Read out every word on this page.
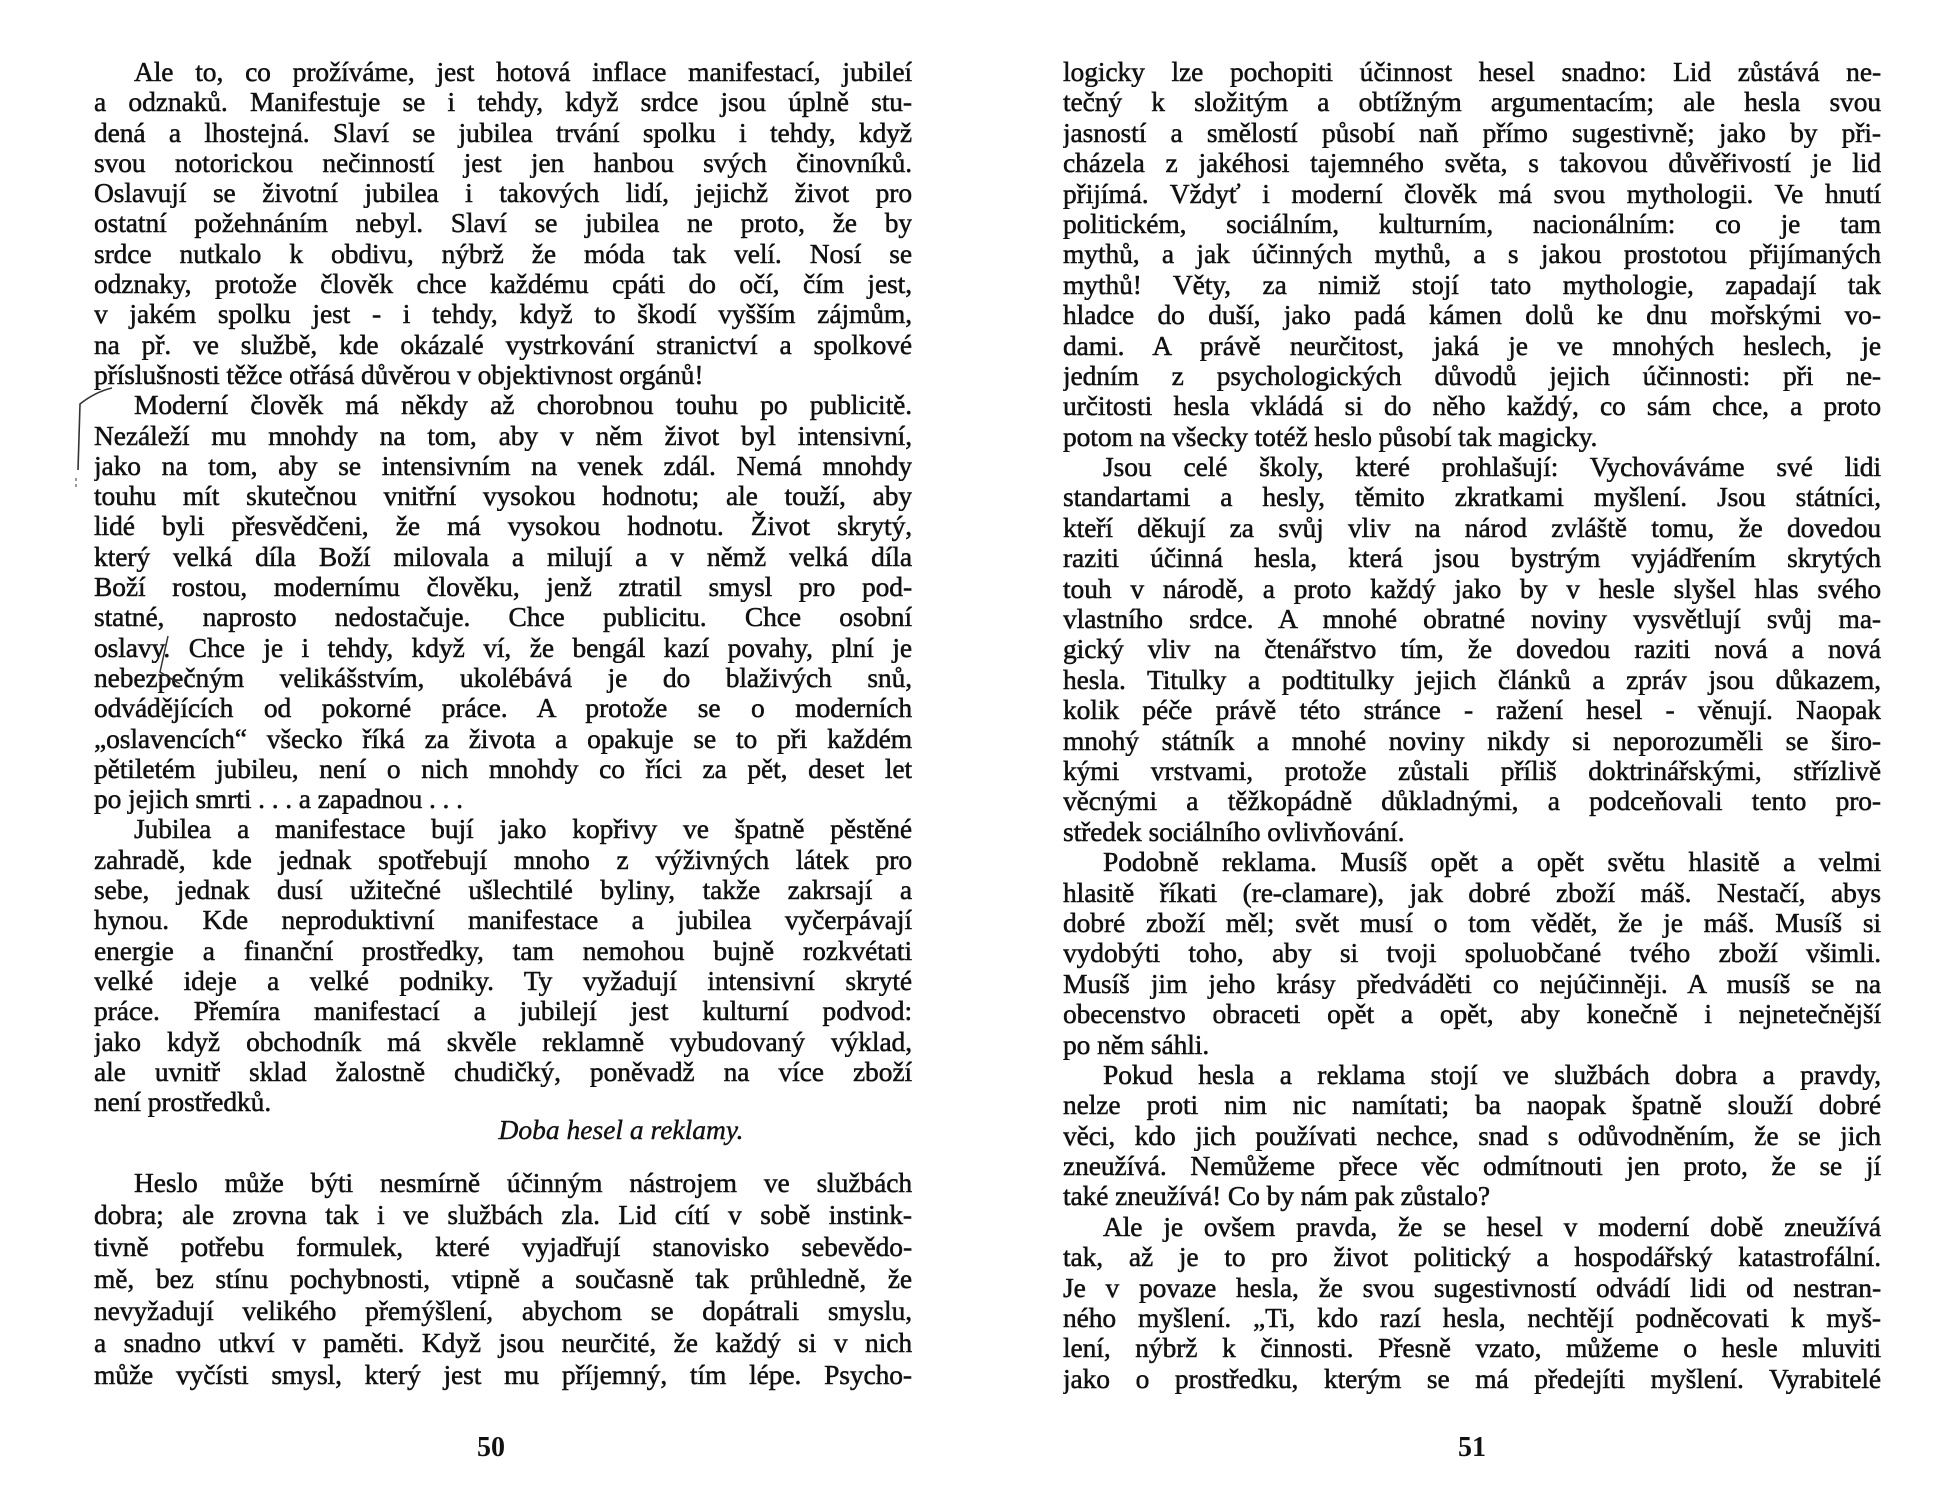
Ale to, co prožíváme, jest hotová inflace manifestací, jubileí
a odznaků. Manifestuje se i tehdy, když srdce jsou úplně stu-
dená a lhostejná. Slaví se jubilea trvání spolku i tehdy, když
svou notorickou nečinností jest jen hanbou svých činovníků.
Oslavují se životní jubilea i takových lidí, jejichž život pro
ostatní požehnáním nebyl. Slaví se jubilea ne proto, že by
srdce nutkalo k obdivu, nýbrž že móda tak velí. Nosí se
odznaky, protože člověk chce každému cpáti do očí, čím jest,
v jakém spolku jest - i tehdy, když to škodí vyšším zájmům,
na př. ve službě, kde okázalé vystrkování stranictví a spolkové
příslušnosti těžce otřásá důvěrou v objektivnost orgánů!
Moderní člověk má někdy až chorobnou touhu po publicitě.
Nezáleží mu mnohdy na tom, aby v něm život byl intensivní,
jako na tom, aby se intensivním na venek zdál. Nemá mnohdy
touhu mít skutečnou vnitřní vysokou hodnotu; ale touží, aby
lidé byli přesvědčeni, že má vysokou hodnotu. Život skrytý,
který velká díla Boží milovala a milují a v němž velká díla
Boží rostou, modernímu člověku, jenž ztratil smysl pro pod-
statné, naprosto nedostačuje. Chce publicitu. Chce osobní
oslavy. Chce je i tehdy, když ví, že bengál kazí povahy, plní je
nebezpečným velikášstvím, ukolébává je do blaživých snů,
odvádějících od pokorné práce. A protože se o moderních
„oslavencích“ všecko říká za života a opakuje se to při každém
pětiletém jubileu, není o nich mnohdy co říci za pět, deset let
po jejich smrti . . . a zapadnou . . .
Jubilea a manifestace bují jako kopřivy ve špatně pěstěné
zahradě, kde jednak spotřebují mnoho z výživných látek pro
sebe, jednak dusí užitečné ušlechtilé byliny, takže zakrsají a
hynou. Kde neproduktivní manifestace a jubilea vyčerpávají
energie a finanční prostředky, tam nemohou bujně rozkvétati
velké ideje a velké podniky. Ty vyžadují intensivní skryté
práce. Přemíra manifestací a jubilejí jest kulturní podvod:
jako když obchodník má skvěle reklamně vybudovaný výklad,
ale uvnitř sklad žalostně chudičký, poněvadž na více zboží
není prostředků.
Doba hesel a reklamy.
Heslo může býti nesmírně účinným nástrojem ve službách
dobra; ale zrovna tak i ve službách zla. Lid cítí v sobě instink-
tivně potřebu formulek, které vyjadřují stanovisko sebevědo-
mě, bez stínu pochybnosti, vtipně a současně tak průhledně, že
nevyžadují velikého přemýšlení, abychom se dopátrali smyslu,
a snadno utkví v paměti. Když jsou neurčité, že každý si v nich
může vyčísti smysl, který jest mu příjemný, tím lépe. Psycho-
logicky lze pochopiti účinnost hesel snadno: Lid zůstává ne-
tečný k složitým a obtížným argumentacím; ale hesla svou
jasností a smělostí působí naň přímo sugestivně; jako by při-
cházela z jakéhosi tajemného světa, s takovou důvěřivostí je lid
přijímá. Vždyť i moderní člověk má svou mythologii. Ve hnutí
politickém, sociálním, kulturním, nacionálním: co je tam
mythů, a jak účinných mythů, a s jakou prostotou přijímaných
mythů! Věty, za nimiž stojí tato mythologie, zapadají tak
hladce do duší, jako padá kámen dolů ke dnu mořskými vo-
dami. A právě neurčitost, jaká je ve mnohých heslech, je
jedním z psychologických důvodů jejich účinnosti: při ne-
určitosti hesla vkládá si do něho každý, co sám chce, a proto
potom na všecky totéž heslo působí tak magicky.
Jsou celé školy, které prohlašují: Vychováváme své lidi
standartami a hesly, těmito zkratkami myšlení. Jsou státníci,
kteří děkují za svůj vliv na národ zvláště tomu, že dovedou
raziti účinná hesla, která jsou bystrým vyjádřením skrytých
touh v národě, a proto každý jako by v hesle slyšel hlas svého
vlastního srdce. A mnohé obratné noviny vysvětlují svůj ma-
gický vliv na čtenářstvo tím, že dovedou raziti nová a nová
hesla. Titulky a podtitulky jejich článků a zpráv jsou důkazem,
kolik péče právě této stránce - ražení hesel - věnují. Naopak
mnohý státník a mnohé noviny nikdy si neporozuměli se širo-
kými vrstvami, protože zůstali příliš doktrinářskými, střízlivě
věcnými a těžkopádně důkladnými, a podceňovali tento pro-
středek sociálního ovlivňování.
Podobně reklama. Musíš opět a opět světu hlasitě a velmi
hlasitě říkati (re-clamare), jak dobré zboží máš. Nestačí, abys
dobré zboží měl; svět musí o tom vědět, že je máš. Musíš si
vydobýti toho, aby si tvoji spoluobčané tvého zboží všimli.
Musíš jim jeho krásy předváděti co nejúčinněji. A musíš se na
obecenstvo obraceti opět a opět, aby konečně i nejnetečnější
po něm sáhli.
Pokud hesla a reklama stojí ve službách dobra a pravdy,
nelze proti nim nic namítati; ba naopak špatně slouží dobré
věci, kdo jich používati nechce, snad s odůvodněním, že se jich
zneužívá. Nemůžeme přece věc odmítnouti jen proto, že se jí
také zneužívá! Co by nám pak zůstalo?
Ale je ovšem pravda, že se hesel v moderní době zneužívá
tak, až je to pro život politický a hospodářský katastrofální.
Je v povaze hesla, že svou sugestivností odvádí lidi od nestran-
ného myšlení. „Ti, kdo razí hesla, nechtějí podněcovati k myš-
lení, nýbrž k činnosti. Přesně vzato, můžeme o hesle mluviti
jako o prostředku, kterým se má předejíti myšlení. Vyrabitelé
50	51
